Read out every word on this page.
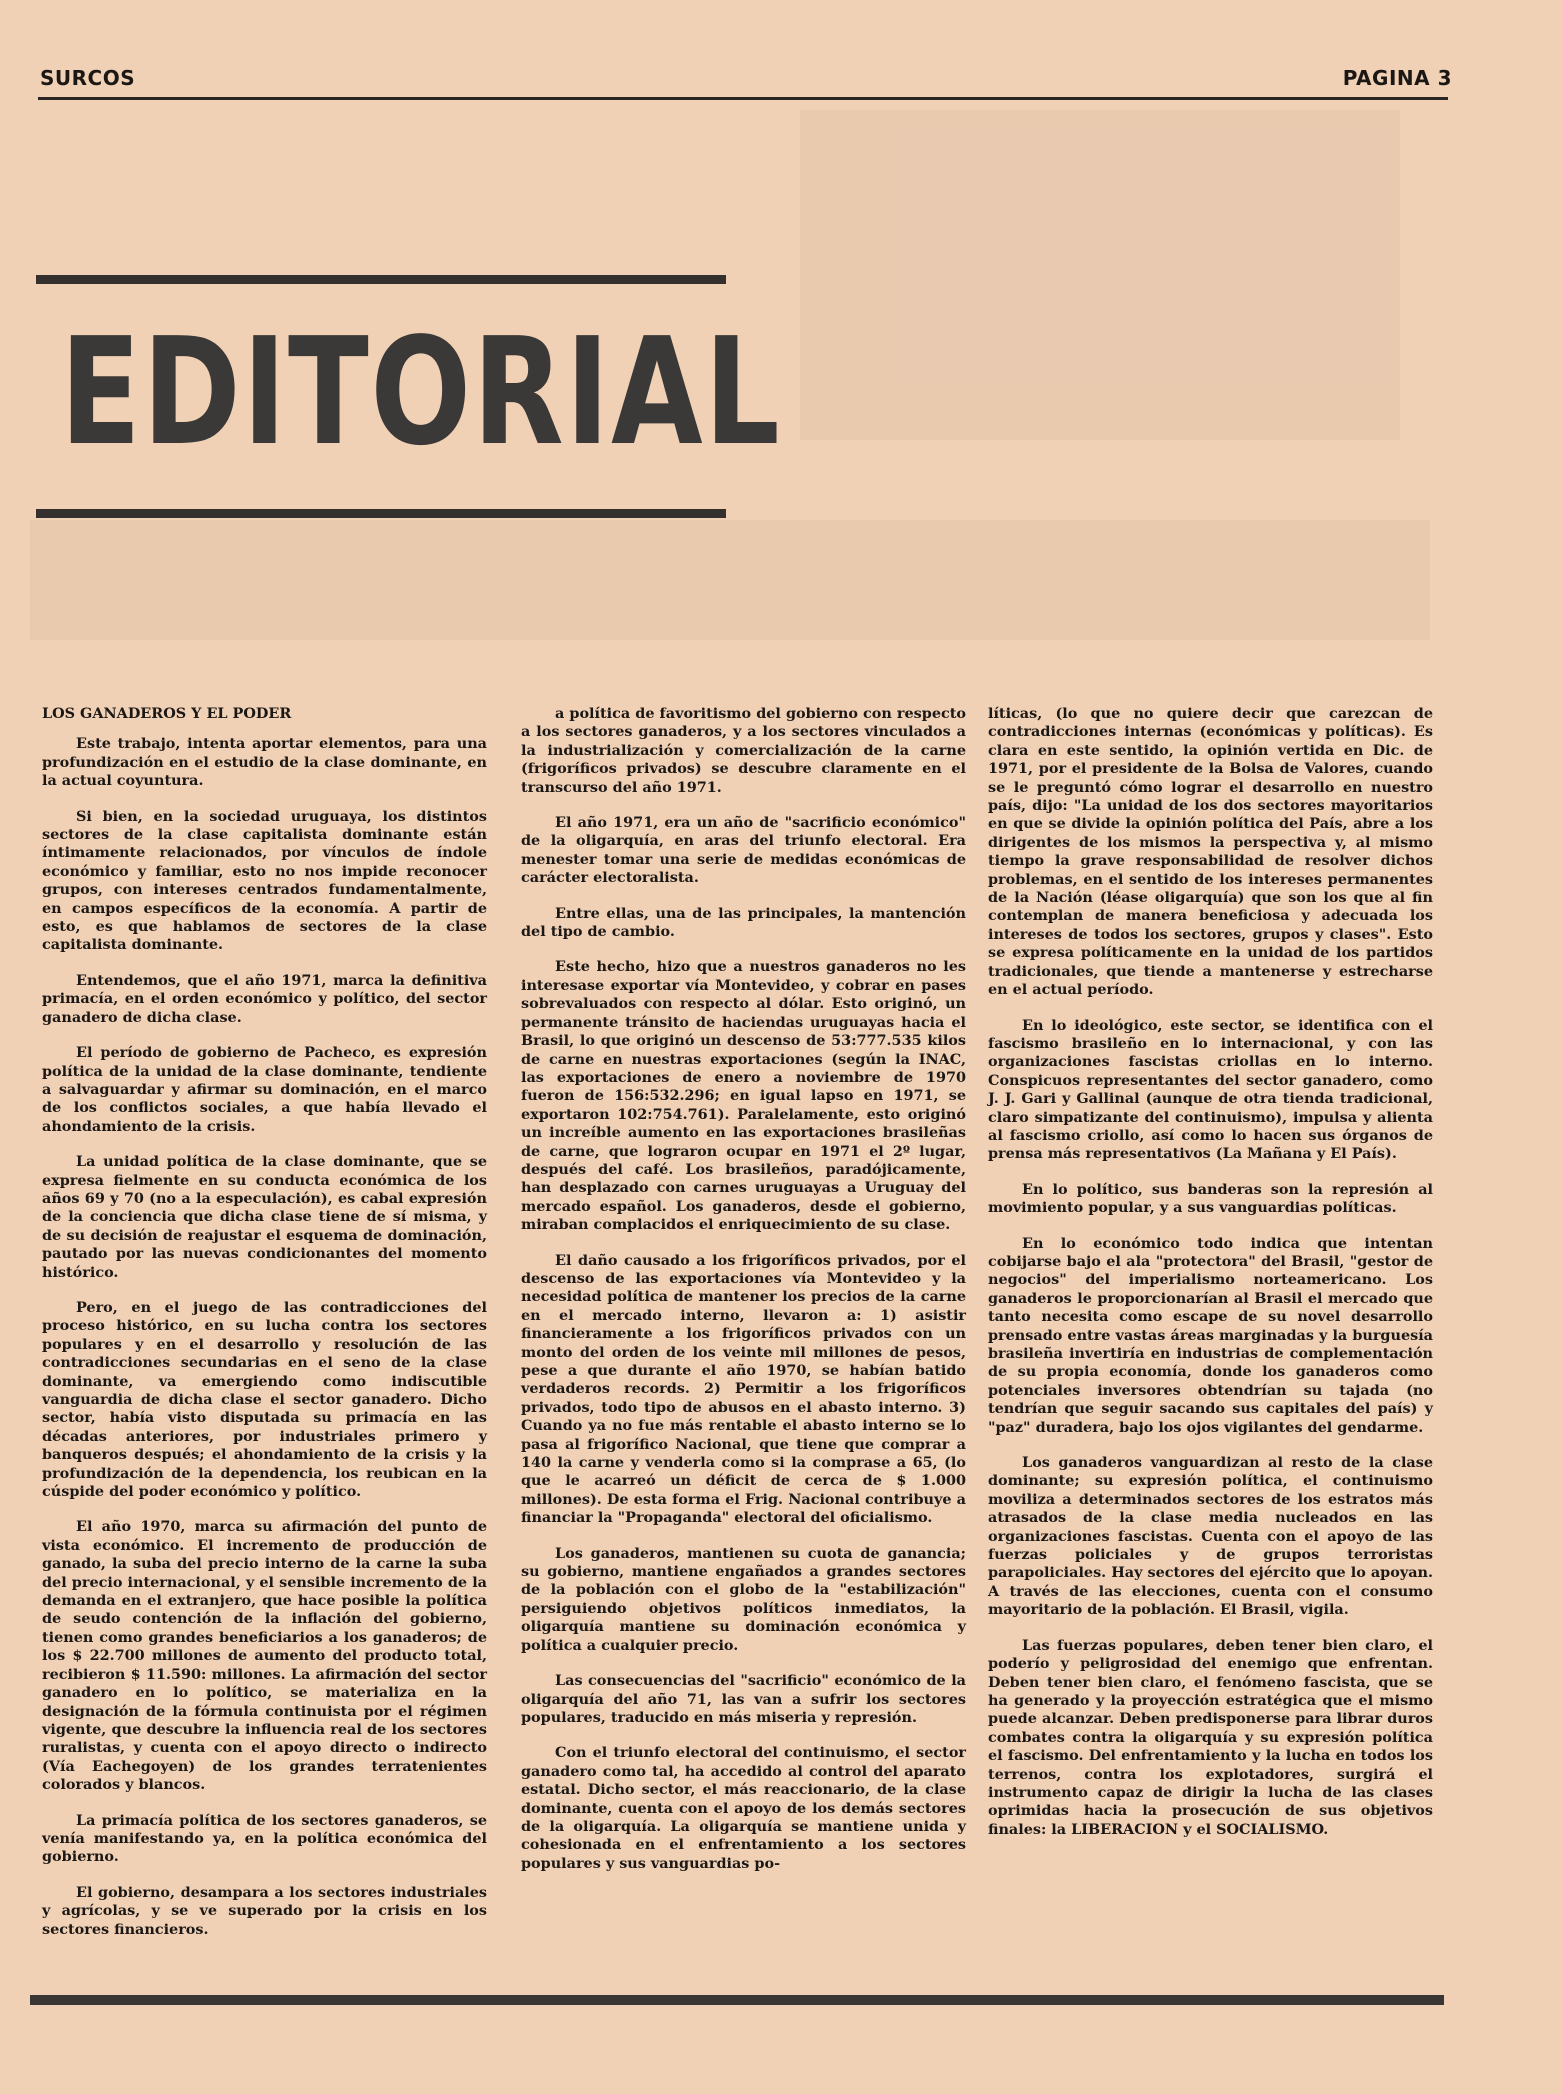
SURCOS	PAGINA 3
EDITORIAL
LOS GANADEROS Y EL PODER

Este trabajo, intenta aportar elementos, para una profundización en el estudio de la clase dominante, en la actual coyuntura.

Si bien, en la sociedad uruguaya, los distintos sectores de la clase capitalista dominante están íntimamente relacionados, por vínculos de índole económico y familiar, esto no nos impide reconocer grupos, con intereses centrados fundamentalmente, en campos específicos de la economía. A partir de esto, es que hablamos de sectores de la clase capitalista dominante.

Entendemos, que el año 1971, marca la definitiva primacía, en el orden económico y político, del sector ganadero de dicha clase.

El período de gobierno de Pacheco, es expresión política de la unidad de la clase dominante, tendiente a salvaguardar y afirmar su dominación, en el marco de los conflictos sociales, a que había llevado el ahondamiento de la crisis.

La unidad política de la clase dominante, que se expresa fielmente en su conducta económica de los años 69 y 70 (no a la especulación), es cabal expresión de la conciencia que dicha clase tiene de sí misma, y de su decisión de reajustar el esquema de dominación, pautado por las nuevas condicionantes del momento histórico.

Pero, en el juego de las contradicciones del proceso histórico, en su lucha contra los sectores populares y en el desarrollo y resolución de las contradicciones secundarias en el seno de la clase dominante, va emergiendo como indiscutible vanguardia de dicha clase el sector ganadero. Dicho sector, había visto disputada su primacía en las décadas anteriores, por industriales primero y banqueros después; el ahondamiento de la crisis y la profundización de la dependencia, los reubican en la cúspide del poder económico y político.

El año 1970, marca su afirmación del punto de vista económico. El incremento de producción de ganado, la suba del precio interno de la carne la suba del precio internacional, y el sensible incremento de la demanda en el extranjero, que hace posible la política de seudo contención de la inflación del gobierno, tienen como grandes beneficiarios a los ganaderos; de los $ 22.700 millones de aumento del producto total, recibieron $ 11.590: millones. La afirmación del sector ganadero en lo político, se materializa en la designación de la fórmula continuista por el régimen vigente, que descubre la influencia real de los sectores ruralistas, y cuenta con el apoyo directo o indirecto (Vía Eachegoyen) de los grandes terratenientes colorados y blancos.

La primacía política de los sectores ganaderos, se venía manifestando ya, en la política económica del gobierno.

El gobierno, desampara a los sectores industriales y agrícolas, y se ve superado por la crisis en los sectores financieros.

a política de favoritismo del gobierno con respecto a los sectores ganaderos, y a los sectores vinculados a la industrialización y comercialización de la carne (frigoríficos privados) se descubre claramente en el transcurso del año 1971.

El año 1971, era un año de "sacrificio económico" de la oligarquía, en aras del triunfo electoral. Era menester tomar una serie de medidas económicas de carácter electoralista.

Entre ellas, una de las principales, la mantención del tipo de cambio.

Este hecho, hizo que a nuestros ganaderos no les interesase exportar vía Montevideo, y cobrar en pases sobrevaluados con respecto al dólar. Esto originó, un permanente tránsito de haciendas uruguayas hacia el Brasil, lo que originó un descenso de 53:777.535 kilos de carne en nuestras exportaciones (según la INAC, las exportaciones de enero a noviembre de 1970 fueron de 156:532.296; en igual lapso en 1971, se exportaron 102:754.761). Paralelamente, esto originó un increíble aumento en las exportaciones brasileñas de carne, que lograron ocupar en 1971 el 2º lugar, después del café. Los brasileños, paradójicamente, han desplazado con carnes uruguayas a Uruguay del mercado español. Los ganaderos, desde el gobierno, miraban complacidos el enriquecimiento de su clase.

El daño causado a los frigoríficos privados, por el descenso de las exportaciones vía Montevideo y la necesidad política de mantener los precios de la carne en el mercado interno, llevaron a: 1) asistir financieramente a los frigoríficos privados con un monto del orden de los veinte mil millones de pesos, pese a que durante el año 1970, se habían batido verdaderos records. 2) Permitir a los frigoríficos privados, todo tipo de abusos en el abasto interno. 3) Cuando ya no fue más rentable el abasto interno se lo pasa al frigorífico Nacional, que tiene que comprar a 140 la carne y venderla como si la comprase a 65, (lo que le acarreó un déficit de cerca de $ 1.000 millones). De esta forma el Frig. Nacional contribuye a financiar la "Propaganda" electoral del oficialismo.

Los ganaderos, mantienen su cuota de ganancia; su gobierno, mantiene engañados a grandes sectores de la población con el globo de la "estabilización" persiguiendo objetivos políticos inmediatos, la oligarquía mantiene su dominación económica y política a cualquier precio.

Las consecuencias del "sacrificio" económico de la oligarquía del año 71, las van a sufrir los sectores populares, traducido en más miseria y represión.

Con el triunfo electoral del continuismo, el sector ganadero como tal, ha accedido al control del aparato estatal. Dicho sector, el más reaccionario, de la clase dominante, cuenta con el apoyo de los demás sectores de la oligarquía. La oligarquía se mantiene unida y cohesionada en el enfrentamiento a los sectores populares y sus vanguardias po-

líticas, (lo que no quiere decir que carezcan de contradicciones internas (económicas y políticas). Es clara en este sentido, la opinión vertida en Dic. de 1971, por el presidente de la Bolsa de Valores, cuando se le preguntó cómo lograr el desarrollo en nuestro país, dijo: "La unidad de los dos sectores mayoritarios en que se divide la opinión política del País, abre a los dirigentes de los mismos la perspectiva y, al mismo tiempo la grave responsabilidad de resolver dichos problemas, en el sentido de los intereses permanentes de la Nación (léase oligarquía) que son los que al fin contemplan de manera beneficiosa y adecuada los intereses de todos los sectores, grupos y clases". Esto se expresa políticamente en la unidad de los partidos tradicionales, que tiende a mantenerse y estrecharse en el actual período.

En lo ideológico, este sector, se identifica con el fascismo brasileño en lo internacional, y con las organizaciones fascistas criollas en lo interno. Conspicuos representantes del sector ganadero, como J. J. Gari y Gallinal (aunque de otra tienda tradicional, claro simpatizante del continuismo), impulsa y alienta al fascismo criollo, así como lo hacen sus órganos de prensa más representativos (La Mañana y El País).

En lo político, sus banderas son la represión al movimiento popular, y a sus vanguardias políticas.

En lo económico todo indica que intentan cobijarse bajo el ala "protectora" del Brasil, "gestor de negocios" del imperialismo norteamericano. Los ganaderos le proporcionarían al Brasil el mercado que tanto necesita como escape de su novel desarrollo prensado entre vastas áreas marginadas y la burguesía brasileña invertiría en industrias de complementación de su propia economía, donde los ganaderos como potenciales inversores obtendrían su tajada (no tendrían que seguir sacando sus capitales del país) y "paz" duradera, bajo los ojos vigilantes del gendarme.

Los ganaderos vanguardizan al resto de la clase dominante; su expresión política, el continuismo moviliza a determinados sectores de los estratos más atrasados de la clase media nucleados en las organizaciones fascistas. Cuenta con el apoyo de las fuerzas policiales y de grupos terroristas parapoliciales. Hay sectores del ejército que lo apoyan. A través de las elecciones, cuenta con el consumo mayoritario de la población. El Brasil, vigila.

Las fuerzas populares, deben tener bien claro, el poderío y peligrosidad del enemigo que enfrentan. Deben tener bien claro, el fenómeno fascista, que se ha generado y la proyección estratégica que el mismo puede alcanzar. Deben predisponerse para librar duros combates contra la oligarquía y su expresión política el fascismo. Del enfrentamiento y la lucha en todos los terrenos, contra los explotadores, surgirá el instrumento capaz de dirigir la lucha de las clases oprimidas hacia la prosecución de sus objetivos finales: la LIBERACION y el SOCIALISMO.
